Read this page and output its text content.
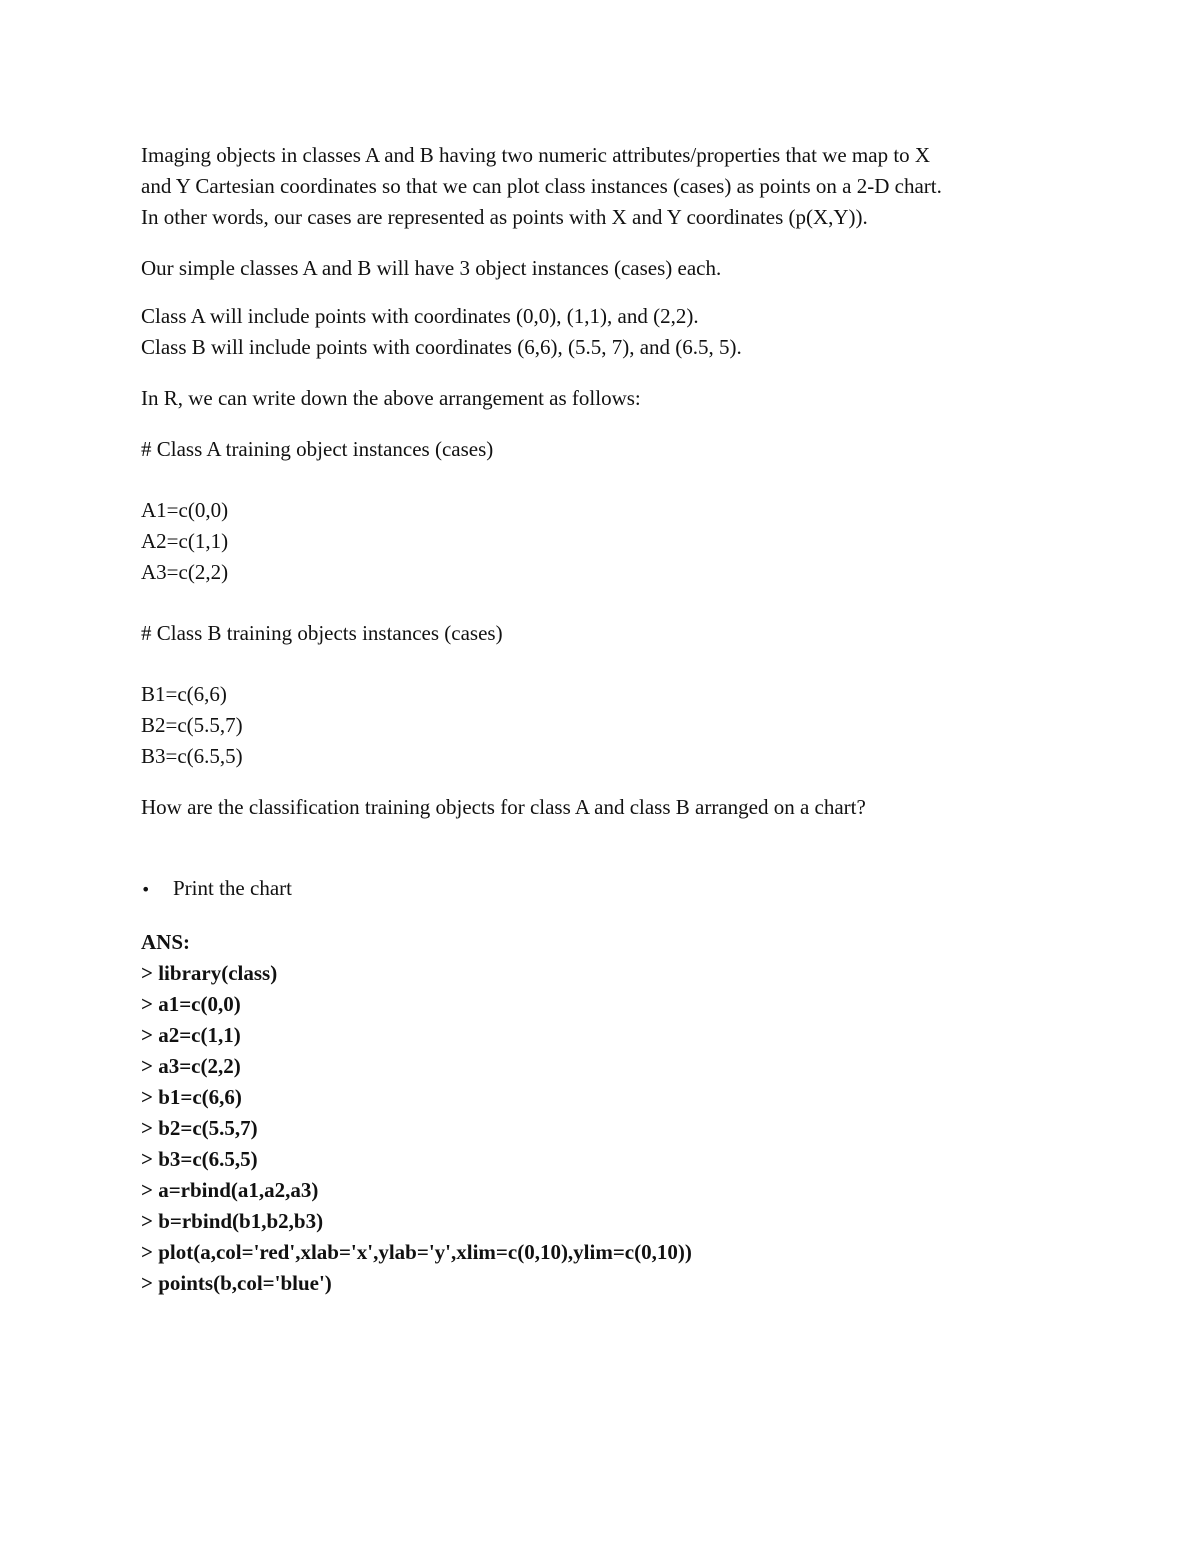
Imaging objects in classes A and B having two numeric attributes/properties that we map to X

and Y Cartesian coordinates so that we can plot class instances (cases) as points on a 2-D chart.

In other words, our cases are represented as points with X and Y coordinates (p(X,Y)).

Our simple classes A and B will have 3 object instances (cases) each.

Class A will include points with coordinates (0,0), (1,1), and (2,2).

Class B will include points with coordinates (6,6), (5.5, 7), and (6.5, 5).

In R, we can write down the above arrangement as follows:

# Class A training object instances (cases)

A1=c(0,0)

A2=c(1,1)

A3=c(2,2)

# Class B training objects instances (cases)

B1=c(6,6)

B2=c(5.5,7)

B3=c(6.5,5)

How are the classification training objects for class A and class B arranged on a chart?

•	Print the chart

ANS:

> library(class)

> a1=c(0,0)

> a2=c(1,1)

> a3=c(2,2)

> b1=c(6,6)

> b2=c(5.5,7)

> b3=c(6.5,5)

> a=rbind(a1,a2,a3)

> b=rbind(b1,b2,b3)

> plot(a,col='red',xlab='x',ylab='y',xlim=c(0,10),ylim=c(0,10))

> points(b,col='blue')
